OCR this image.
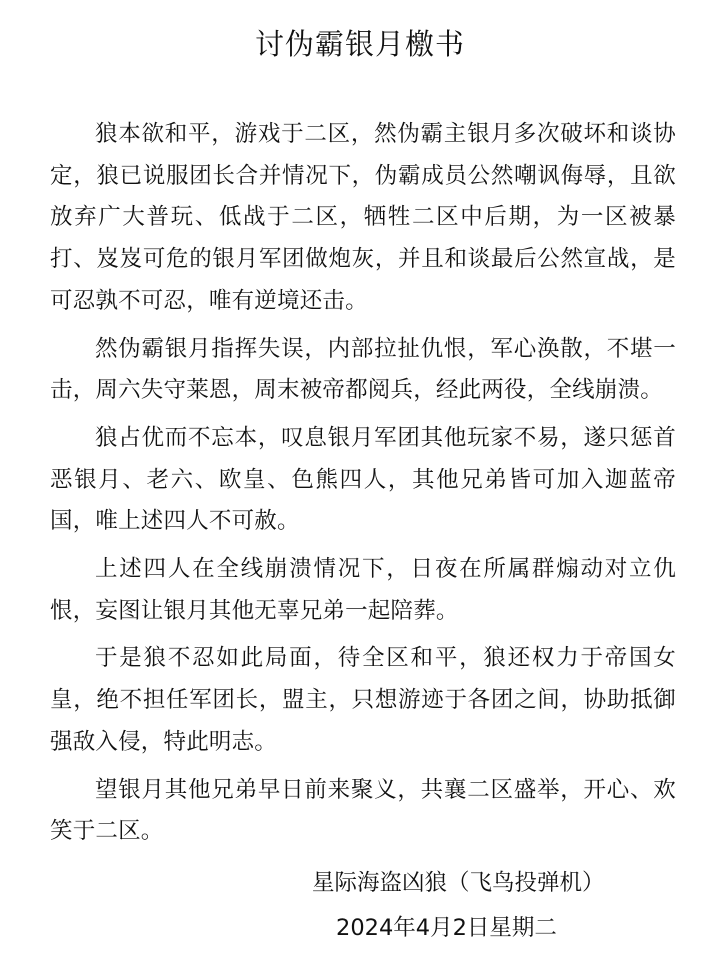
讨伪霸银月檄书

狼本欲和平，游戏于二区，然伪霸主银月多次破坏和谈协定，狼已说服团长合并情况下，伪霸成员公然嘲讽侮辱，且欲放弃广大普玩、低战于二区，牺牲二区中后期，为一区被暴打、岌岌可危的银月军团做炮灰，并且和谈最后公然宣战，是可忍孰不可忍，唯有逆境还击。

然伪霸银月指挥失误，内部拉扯仇恨，军心涣散，不堪一击，周六失守莱恩，周末被帝都阅兵，经此两役，全线崩溃。

狼占优而不忘本，叹息银月军团其他玩家不易，遂只惩首恶银月、老六、欧皇、色熊四人，其他兄弟皆可加入迦蓝帝国，唯上述四人不可赦。

上述四人在全线崩溃情况下，日夜在所属群煽动对立仇恨，妄图让银月其他无辜兄弟一起陪葬。

于是狼不忍如此局面，待全区和平，狼还权力于帝国女皇，绝不担任军团长，盟主，只想游迹于各团之间，协助抵御强敌入侵，特此明志。

望银月其他兄弟早日前来聚义，共襄二区盛举，开心、欢笑于二区。

星际海盗凶狼（飞鸟投弹机）

2024年4月2日星期二
